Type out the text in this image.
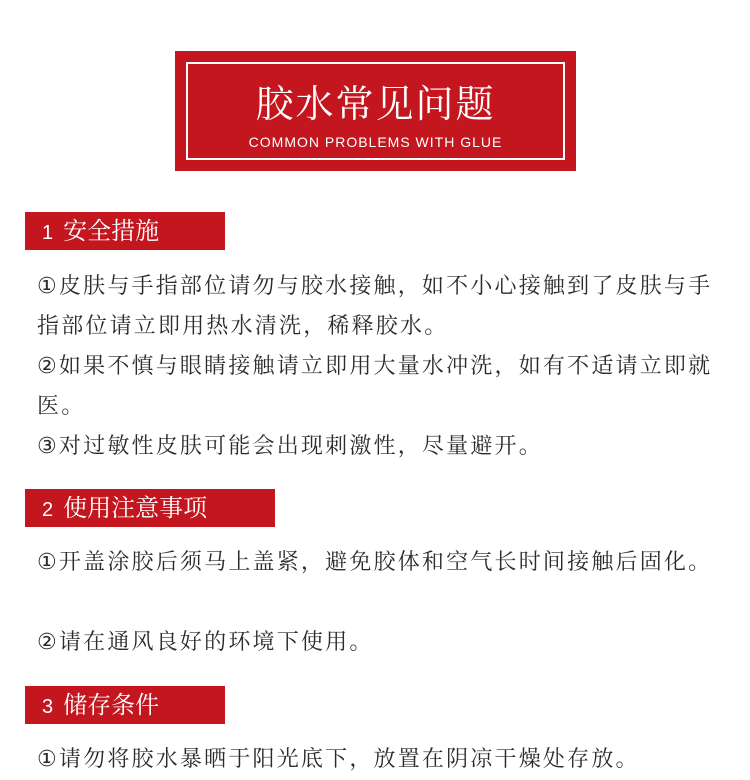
胶水常见问题
COMMON PROBLEMS WITH GLUE
1 安全措施
①皮肤与手指部位请勿与胶水接触，如不小心接触到了皮肤与手指部位请立即用热水清洗，稀释胶水。
②如果不慎与眼睛接触请立即用大量水冲洗，如有不适请立即就医。
③对过敏性皮肤可能会出现刺激性，尽量避开。
2 使用注意事项
①开盖涂胶后须马上盖紧，避免胶体和空气长时间接触后固化。
②请在通风良好的环境下使用。
3 储存条件
①请勿将胶水暴晒于阳光底下，放置在阴凉干燥处存放。
